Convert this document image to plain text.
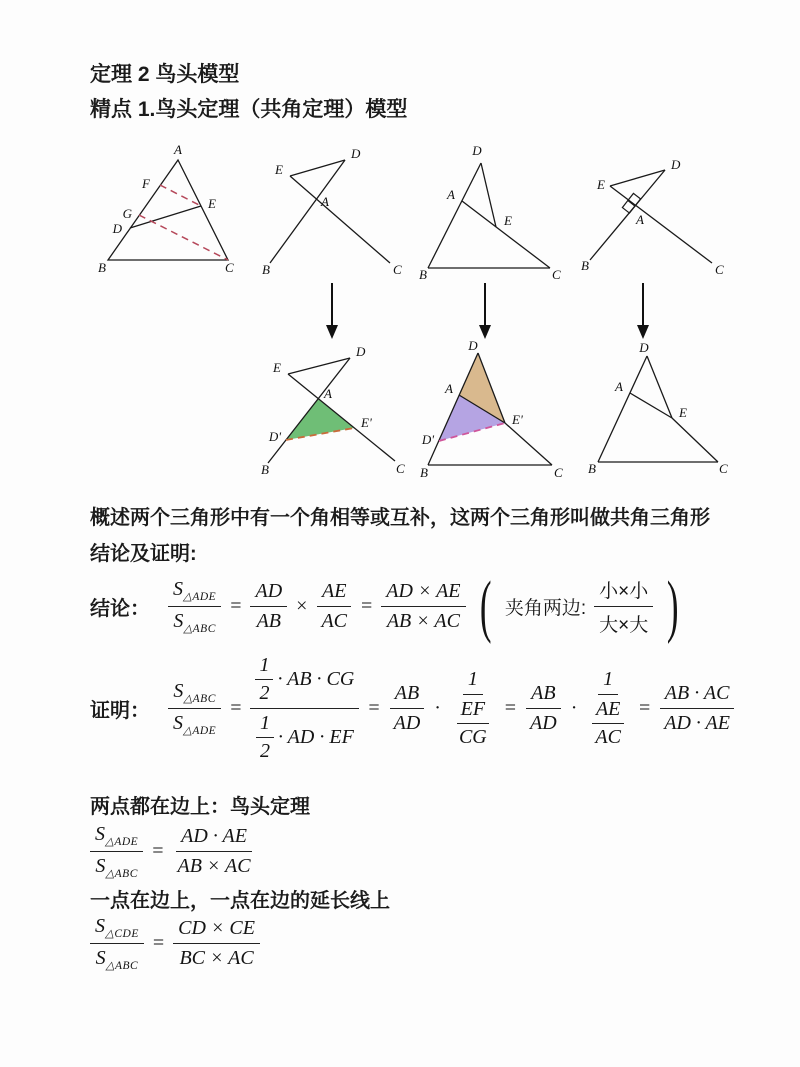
定理 2 鸟头模型
精点 1.鸟头定理（共角定理）模型
A
F
G
D
E
B	C
D
E
A
B	C
D
A
E
B	C
D
E
A
B	C
D
E
A
E'
D'
B	C
D
A
E'
D'
B	C
D
A
E
B	C
概述两个三角形中有一个角相等或互补，这两个三角形叫做共角三角形
结论及证明:
结论： $\frac{S_{\triangle ADE}}{S_{\triangle ABC}} = \frac{AD}{AB} \times \frac{AE}{AC} = \frac{AD \times AE}{AB \times AC}$ ( 夹角两边: $\frac{\text{小×小}}{\text{大×大}}$ )
证明： $\frac{S_{\triangle ABC}}{S_{\triangle ADE}} = \frac{\frac{1}{2} \cdot AB \cdot CG}{\frac{1}{2} \cdot AD \cdot EF} = \frac{AB}{AD} \cdot \frac{1}{\frac{EF}{CG}} = \frac{AB}{AD} \cdot \frac{1}{\frac{AE}{AC}} = \frac{AB \cdot AC}{AD \cdot AE}$
两点都在边上：鸟头定理
$\frac{S_{\triangle ADE}}{S_{\triangle ABC}} = \frac{AD \cdot AE}{AB \times AC}$
一点在边上，一点在边的延长线上
$\frac{S_{\triangle CDE}}{S_{\triangle ABC}} = \frac{CD \times CE}{BC \times AC}$
